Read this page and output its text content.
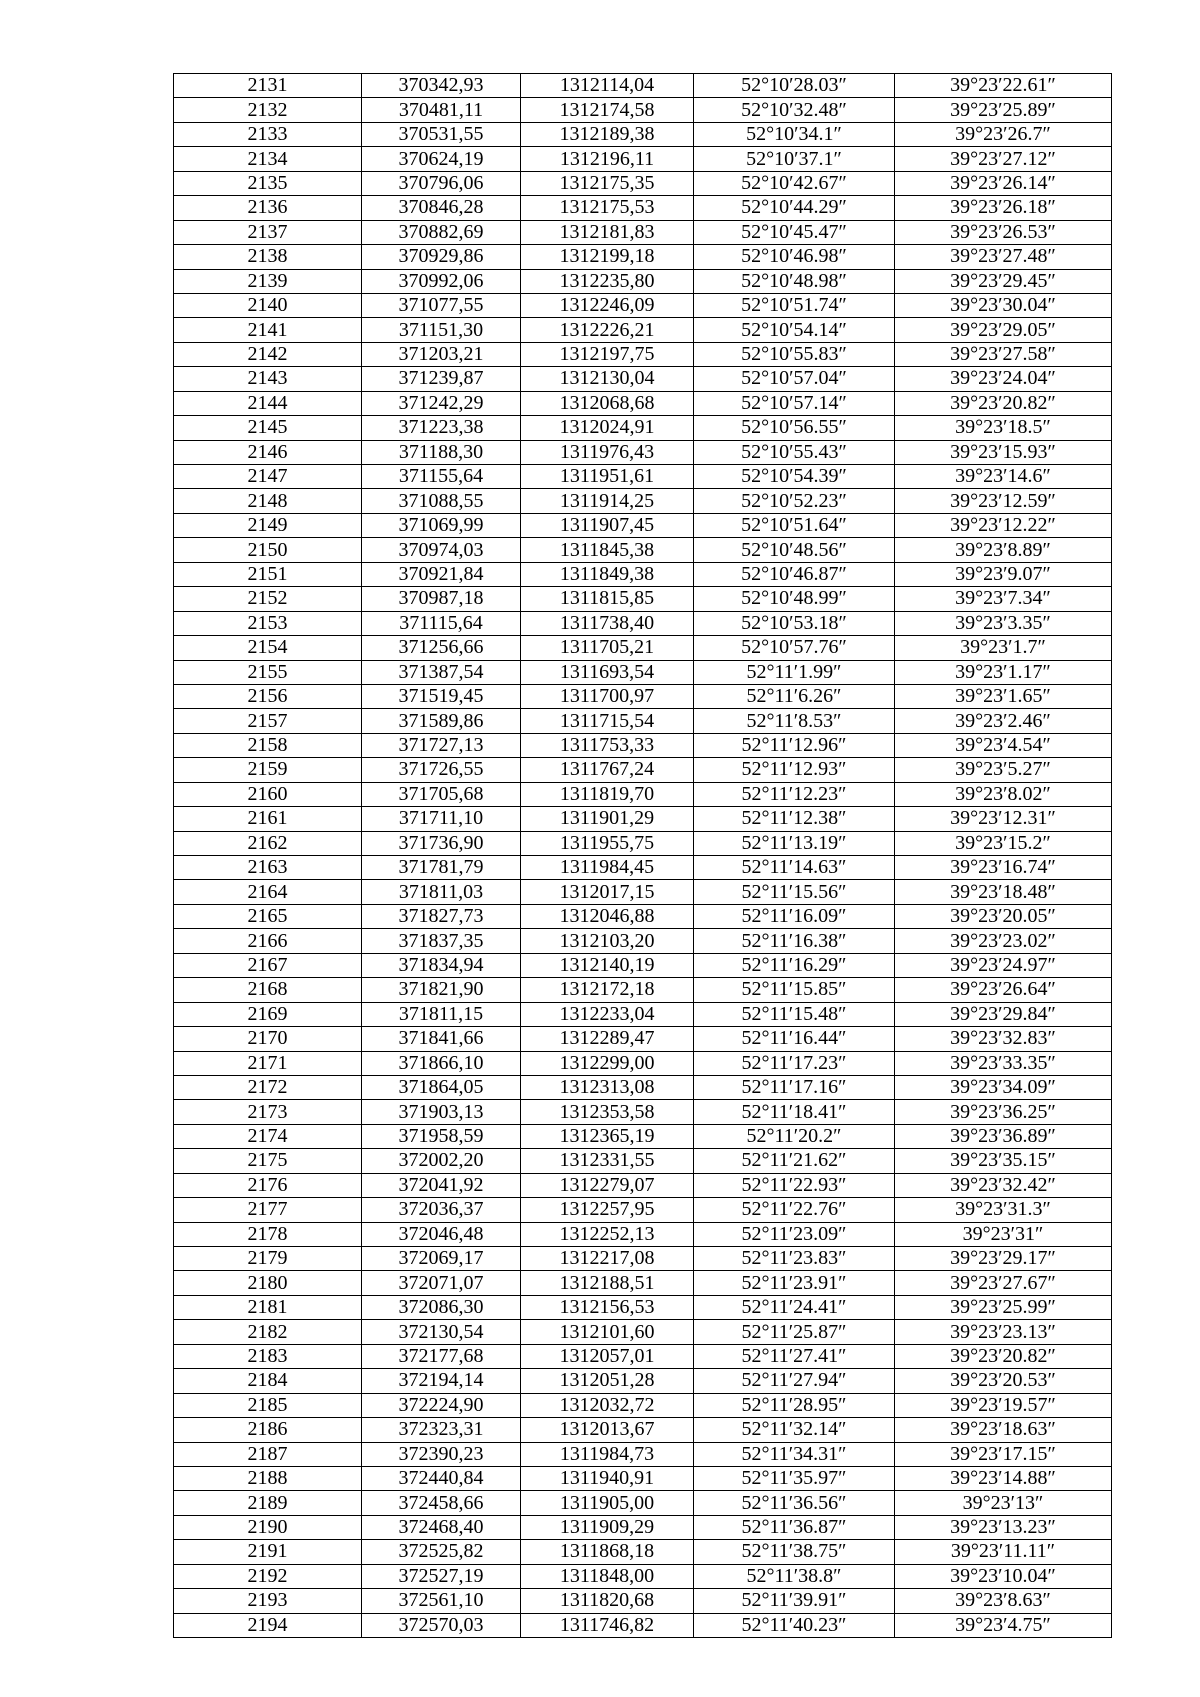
2131	370342,93	1312114,04	52°10′28.03″	39°23′22.61″
2132	370481,11	1312174,58	52°10′32.48″	39°23′25.89″
2133	370531,55	1312189,38	52°10′34.1″	39°23′26.7″
2134	370624,19	1312196,11	52°10′37.1″	39°23′27.12″
2135	370796,06	1312175,35	52°10′42.67″	39°23′26.14″
2136	370846,28	1312175,53	52°10′44.29″	39°23′26.18″
2137	370882,69	1312181,83	52°10′45.47″	39°23′26.53″
2138	370929,86	1312199,18	52°10′46.98″	39°23′27.48″
2139	370992,06	1312235,80	52°10′48.98″	39°23′29.45″
2140	371077,55	1312246,09	52°10′51.74″	39°23′30.04″
2141	371151,30	1312226,21	52°10′54.14″	39°23′29.05″
2142	371203,21	1312197,75	52°10′55.83″	39°23′27.58″
2143	371239,87	1312130,04	52°10′57.04″	39°23′24.04″
2144	371242,29	1312068,68	52°10′57.14″	39°23′20.82″
2145	371223,38	1312024,91	52°10′56.55″	39°23′18.5″
2146	371188,30	1311976,43	52°10′55.43″	39°23′15.93″
2147	371155,64	1311951,61	52°10′54.39″	39°23′14.6″
2148	371088,55	1311914,25	52°10′52.23″	39°23′12.59″
2149	371069,99	1311907,45	52°10′51.64″	39°23′12.22″
2150	370974,03	1311845,38	52°10′48.56″	39°23′8.89″
2151	370921,84	1311849,38	52°10′46.87″	39°23′9.07″
2152	370987,18	1311815,85	52°10′48.99″	39°23′7.34″
2153	371115,64	1311738,40	52°10′53.18″	39°23′3.35″
2154	371256,66	1311705,21	52°10′57.76″	39°23′1.7″
2155	371387,54	1311693,54	52°11′1.99″	39°23′1.17″
2156	371519,45	1311700,97	52°11′6.26″	39°23′1.65″
2157	371589,86	1311715,54	52°11′8.53″	39°23′2.46″
2158	371727,13	1311753,33	52°11′12.96″	39°23′4.54″
2159	371726,55	1311767,24	52°11′12.93″	39°23′5.27″
2160	371705,68	1311819,70	52°11′12.23″	39°23′8.02″
2161	371711,10	1311901,29	52°11′12.38″	39°23′12.31″
2162	371736,90	1311955,75	52°11′13.19″	39°23′15.2″
2163	371781,79	1311984,45	52°11′14.63″	39°23′16.74″
2164	371811,03	1312017,15	52°11′15.56″	39°23′18.48″
2165	371827,73	1312046,88	52°11′16.09″	39°23′20.05″
2166	371837,35	1312103,20	52°11′16.38″	39°23′23.02″
2167	371834,94	1312140,19	52°11′16.29″	39°23′24.97″
2168	371821,90	1312172,18	52°11′15.85″	39°23′26.64″
2169	371811,15	1312233,04	52°11′15.48″	39°23′29.84″
2170	371841,66	1312289,47	52°11′16.44″	39°23′32.83″
2171	371866,10	1312299,00	52°11′17.23″	39°23′33.35″
2172	371864,05	1312313,08	52°11′17.16″	39°23′34.09″
2173	371903,13	1312353,58	52°11′18.41″	39°23′36.25″
2174	371958,59	1312365,19	52°11′20.2″	39°23′36.89″
2175	372002,20	1312331,55	52°11′21.62″	39°23′35.15″
2176	372041,92	1312279,07	52°11′22.93″	39°23′32.42″
2177	372036,37	1312257,95	52°11′22.76″	39°23′31.3″
2178	372046,48	1312252,13	52°11′23.09″	39°23′31″
2179	372069,17	1312217,08	52°11′23.83″	39°23′29.17″
2180	372071,07	1312188,51	52°11′23.91″	39°23′27.67″
2181	372086,30	1312156,53	52°11′24.41″	39°23′25.99″
2182	372130,54	1312101,60	52°11′25.87″	39°23′23.13″
2183	372177,68	1312057,01	52°11′27.41″	39°23′20.82″
2184	372194,14	1312051,28	52°11′27.94″	39°23′20.53″
2185	372224,90	1312032,72	52°11′28.95″	39°23′19.57″
2186	372323,31	1312013,67	52°11′32.14″	39°23′18.63″
2187	372390,23	1311984,73	52°11′34.31″	39°23′17.15″
2188	372440,84	1311940,91	52°11′35.97″	39°23′14.88″
2189	372458,66	1311905,00	52°11′36.56″	39°23′13″
2190	372468,40	1311909,29	52°11′36.87″	39°23′13.23″
2191	372525,82	1311868,18	52°11′38.75″	39°23′11.11″
2192	372527,19	1311848,00	52°11′38.8″	39°23′10.04″
2193	372561,10	1311820,68	52°11′39.91″	39°23′8.63″
2194	372570,03	1311746,82	52°11′40.23″	39°23′4.75″
